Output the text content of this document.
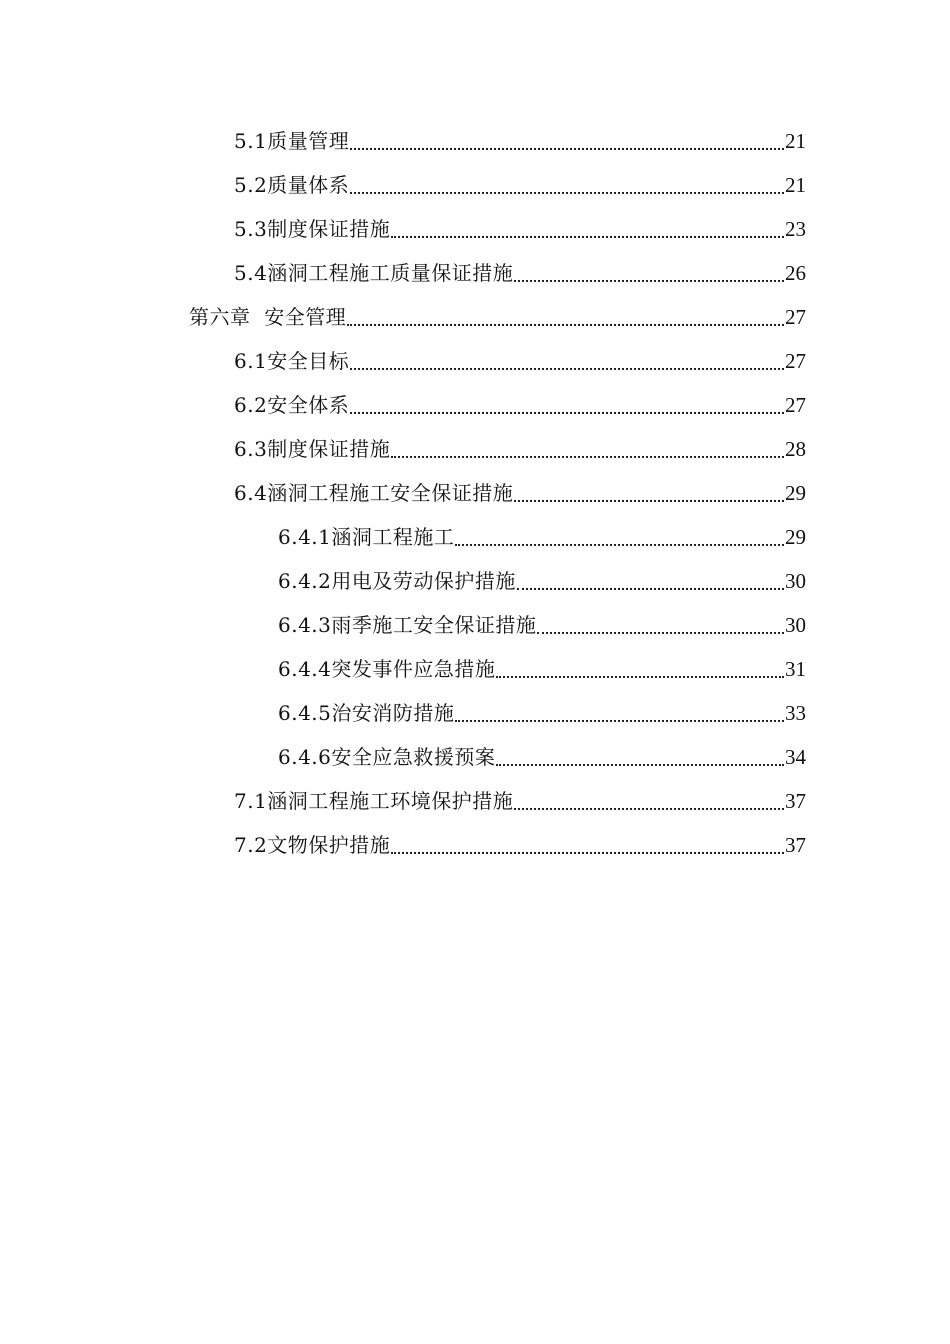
5.1质量管理	21
5.2质量体系	21
5.3制度保证措施	23
5.4涵洞工程施工质量保证措施	26
第六章  安全管理	27
6.1安全目标	27
6.2安全体系	27
6.3制度保证措施	28
6.4涵洞工程施工安全保证措施	29
6.4.1涵洞工程施工	29
6.4.2用电及劳动保护措施	30
6.4.3雨季施工安全保证措施	30
6.4.4突发事件应急措施	31
6.4.5治安消防措施	33
6.4.6安全应急救援预案	34
7.1涵洞工程施工环境保护措施	37
7.2文物保护措施	37
